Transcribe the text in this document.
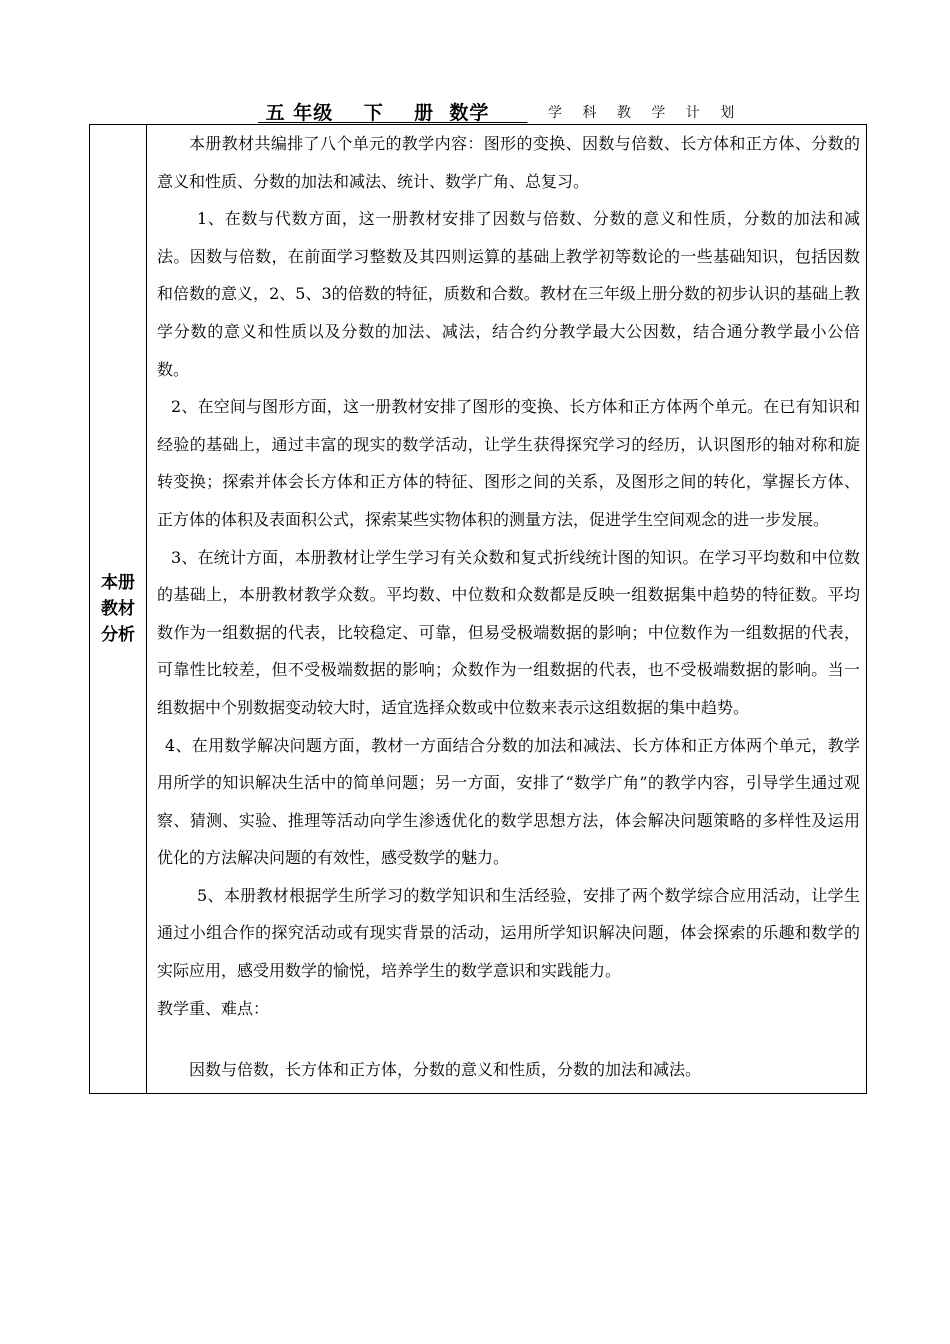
五 年级    下    册  数学 学 科 教 学 计 划
本册教材分析	

本册教材共编排了八个单元的教学内容：图形的变换、因数与倍数、长方体和正方体、分数的意义和性质、分数的加法和减法、统计、数学广角、总复习。

1、在数与代数方面，这一册教材安排了因数与倍数、分数的意义和性质，分数的加法和减法。因数与倍数，在前面学习整数及其四则运算的基础上教学初等数论的一些基础知识，包括因数和倍数的意义，2、5、3的倍数的特征，质数和合数。教材在三年级上册分数的初步认识的基础上教学分数的意义和性质以及分数的加法、减法，结合约分教学最大公因数，结合通分教学最小公倍数。

2、在空间与图形方面，这一册教材安排了图形的变换、长方体和正方体两个单元。在已有知识和经验的基础上，通过丰富的现实的数学活动，让学生获得探究学习的经历，认识图形的轴对称和旋转变换；探索并体会长方体和正方体的特征、图形之间的关系，及图形之间的转化，掌握长方体、正方体的体积及表面积公式，探索某些实物体积的测量方法，促进学生空间观念的进一步发展。

3、在统计方面，本册教材让学生学习有关众数和复式折线统计图的知识。在学习平均数和中位数的基础上，本册教材教学众数。平均数、中位数和众数都是反映一组数据集中趋势的特征数。平均数作为一组数据的代表，比较稳定、可靠，但易受极端数据的影响；中位数作为一组数据的代表，可靠性比较差，但不受极端数据的影响；众数作为一组数据的代表，也不受极端数据的影响。当一组数据中个别数据变动较大时，适宜选择众数或中位数来表示这组数据的集中趋势。

4、在用数学解决问题方面，教材一方面结合分数的加法和减法、长方体和正方体两个单元，教学用所学的知识解决生活中的简单问题；另一方面，安排了“数学广角”的教学内容，引导学生通过观察、猜测、实验、推理等活动向学生渗透优化的数学思想方法，体会解决问题策略的多样性及运用优化的方法解决问题的有效性，感受数学的魅力。

5、本册教材根据学生所学习的数学知识和生活经验，安排了两个数学综合应用活动，让学生通过小组合作的探究活动或有现实背景的活动，运用所学知识解决问题，体会探索的乐趣和数学的实际应用，感受用数学的愉悦，培养学生的数学意识和实践能力。

教学重、难点：

因数与倍数，长方体和正方体，分数的意义和性质，分数的加法和减法。
